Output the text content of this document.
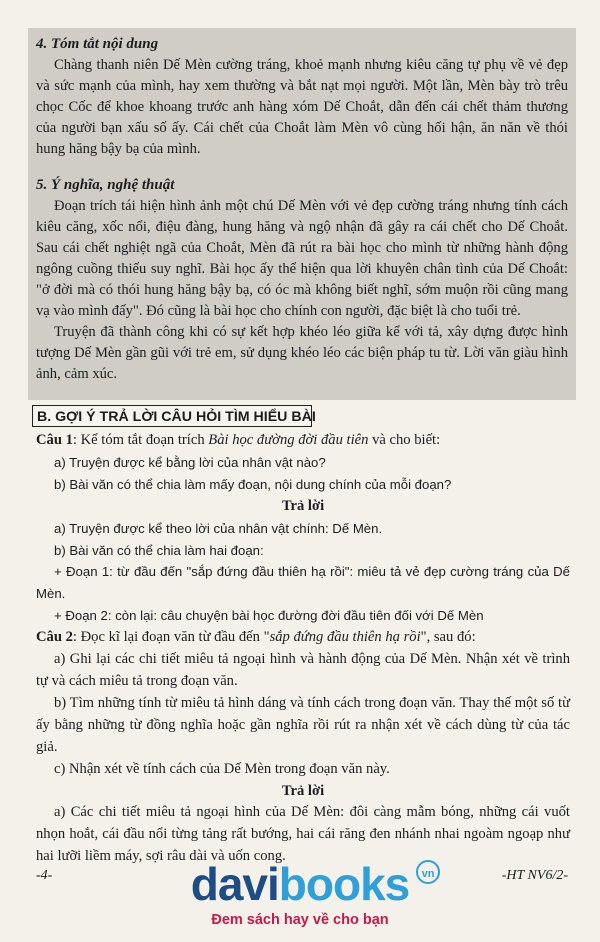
4. Tóm tắt nội dung

Chàng thanh niên Dế Mèn cường tráng, khoẻ mạnh nhưng kiêu căng tự phụ về vẻ đẹp và sức mạnh của mình, hay xem thường và bắt nạt mọi người. Một lần, Mèn bày trò trêu chọc Cốc để khoe khoang trước anh hàng xóm Dế Choắt, dẫn đến cái chết thảm thương của người bạn xấu số ấy. Cái chết của Choắt làm Mèn vô cùng hối hận, ăn năn về thói hung hăng bậy bạ của mình.

5. Ý nghĩa, nghệ thuật

Đoạn trích tái hiện hình ảnh một chú Dế Mèn với vẻ đẹp cường tráng nhưng tính cách kiêu căng, xốc nổi, điệu đàng, hung hăng và ngộ nhận đã gây ra cái chết cho Dế Choắt. Sau cái chết nghiệt ngã của Choắt, Mèn đã rút ra bài học cho mình từ những hành động ngông cuồng thiếu suy nghĩ. Bài học ấy thể hiện qua lời khuyên chân tình của Dế Choắt: "ở đời mà có thói hung hăng bậy bạ, có óc mà không biết nghĩ, sớm muộn rồi cũng mang vạ vào mình đấy". Đó cũng là bài học cho chính con người, đặc biệt là cho tuổi trẻ.

Truyện đã thành công khi có sự kết hợp khéo léo giữa kể với tả, xây dựng được hình tượng Dế Mèn gần gũi với trẻ em, sử dụng khéo léo các biện pháp tu từ. Lời văn giàu hình ảnh, cảm xúc.

B. GỢI Ý TRẢ LỜI CÂU HỎI TÌM HIỂU BÀI

Câu 1: Kể tóm tắt đoạn trích Bài học đường đời đầu tiên và cho biết:

a) Truyện được kể bằng lời của nhân vật nào?

b) Bài văn có thể chia làm mấy đoạn, nội dung chính của mỗi đoạn?

Trả lời

a) Truyện được kể theo lời của nhân vật chính: Dế Mèn.

b) Bài văn có thể chia làm hai đoạn:

+ Đoạn 1: từ đầu đến "sắp đứng đầu thiên hạ rồi": miêu tả vẻ đẹp cường tráng của Dế Mèn.

+ Đoạn 2: còn lại: câu chuyện bài học đường đời đầu tiên đối với Dế Mèn

Câu 2: Đọc kĩ lại đoạn văn từ đầu đến "sắp đứng đầu thiên hạ rồi", sau đó:

a) Ghi lại các chi tiết miêu tả ngoại hình và hành động của Dế Mèn. Nhận xét về trình tự và cách miêu tả trong đoạn văn.

b) Tìm những tính từ miêu tả hình dáng và tính cách trong đoạn văn. Thay thế một số từ ấy bằng những từ đồng nghĩa hoặc gần nghĩa rồi rút ra nhận xét về cách dùng từ của tác giả.

c) Nhận xét về tính cách của Dế Mèn trong đoạn văn này.

Trả lời

a) Các chi tiết miêu tả ngoại hình của Dế Mèn: đôi càng mẫm bóng, những cái vuốt nhọn hoắt, cái đầu nổi từng tảng rất bướng, hai cái răng đen nhánh nhai ngoàm ngoạp như hai lưỡi liềm máy, sợi râu dài và uốn cong.

-4-	-HT NV6/2-
davibooks	vn
Đem sách hay về cho bạn
